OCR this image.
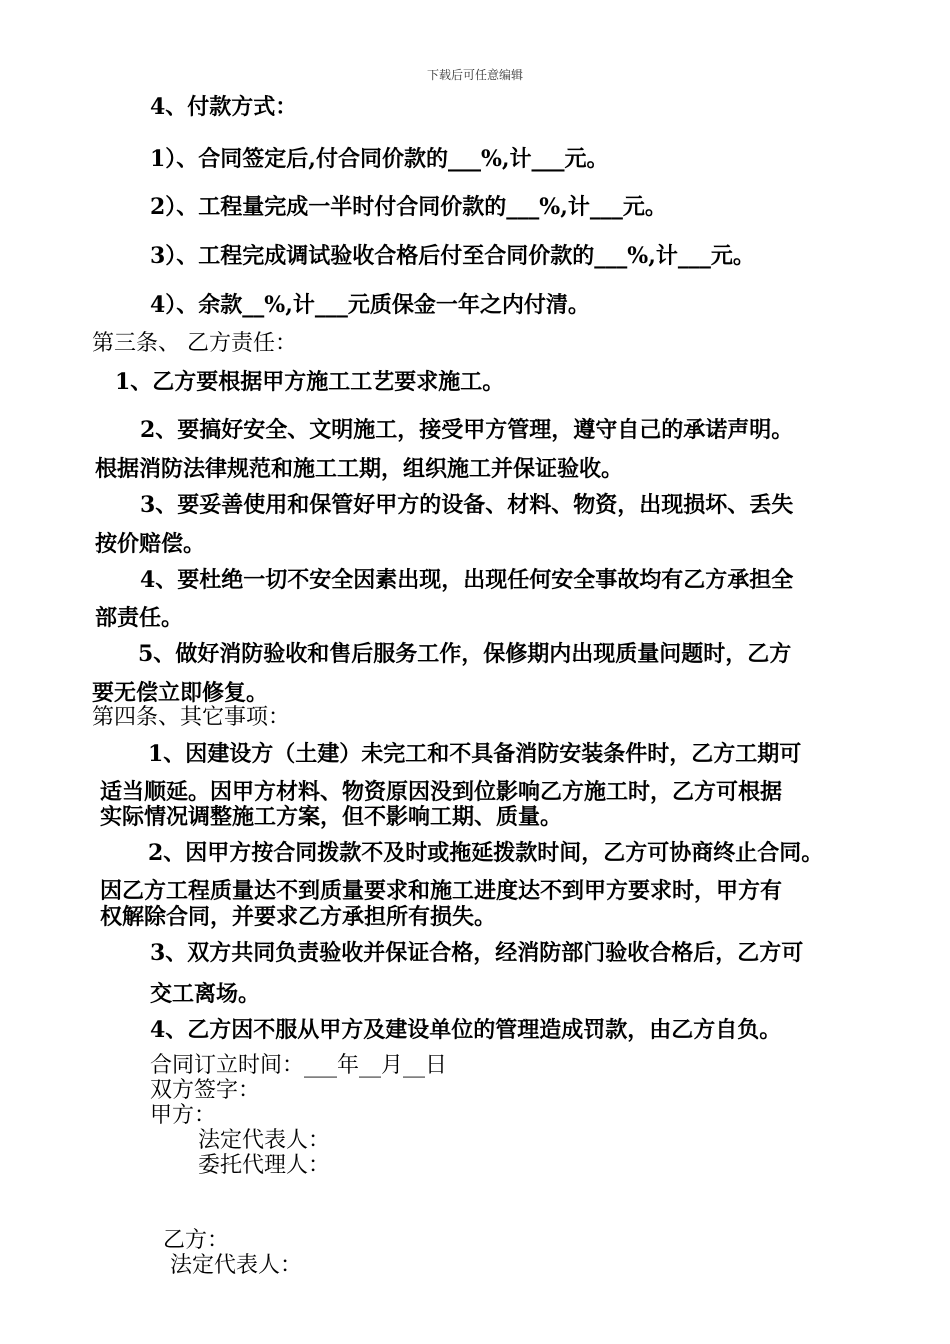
下载后可任意编辑
4、付款方式：
1）、合同签定后,付合同价款的___%,计___元。
2）、工程量完成一半时付合同价款的___%,计___元。
3）、工程完成调试验收合格后付至合同价款的___%,计___元。
4）、余款__%,计___元质保金一年之内付清。
第三条、 乙方责任：
1、乙方要根据甲方施工工艺要求施工。
2、要搞好安全、文明施工，接受甲方管理，遵守自己的承诺声明。
根据消防法律规范和施工工期，组织施工并保证验收。
3、要妥善使用和保管好甲方的设备、材料、物资，出现损坏、丢失
按价赔偿。
4、要杜绝一切不安全因素出现，出现任何安全事故均有乙方承担全
部责任。
5、做好消防验收和售后服务工作，保修期内出现质量问题时，乙方
要无偿立即修复。
第四条、其它事项：
1、因建设方（土建）未完工和不具备消防安装条件时，乙方工期可
适当顺延。因甲方材料、物资原因没到位影响乙方施工时，乙方可根据
实际情况调整施工方案，但不影响工期、质量。
2、因甲方按合同拨款不及时或拖延拨款时间，乙方可协商终止合同。
因乙方工程质量达不到质量要求和施工进度达不到甲方要求时，甲方有
权解除合同，并要求乙方承担所有损失。
3、双方共同负责验收并保证合格，经消防部门验收合格后，乙方可
交工离场。
4、乙方因不服从甲方及建设单位的管理造成罚款，由乙方自负。
合同订立时间：___年__月__日
双方签字：
甲方：
法定代表人：
委托代理人：
乙方：
法定代表人：
